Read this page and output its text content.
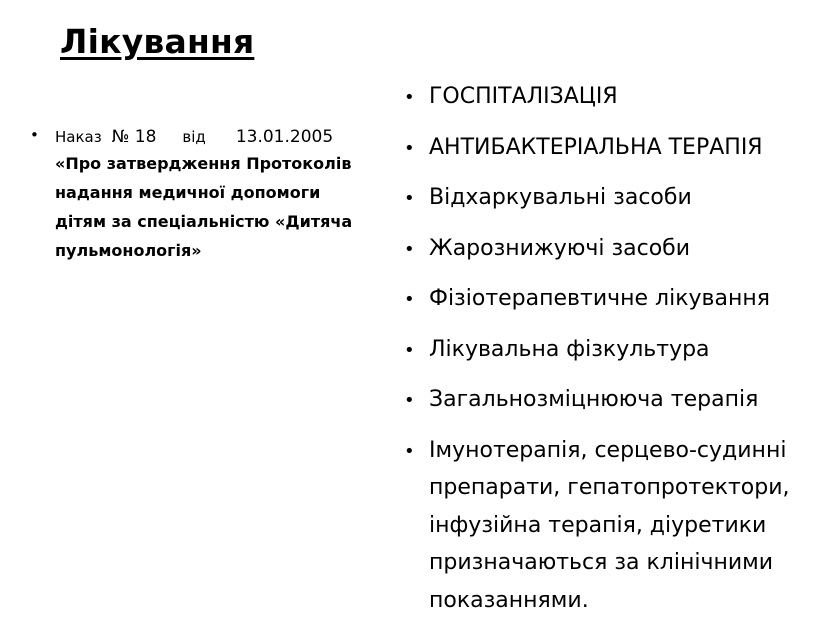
Лікування
• Наказ № 18 від 13.01.2005
«Про затвердження Протоколів надання медичної допомоги дітям за спеціальністю «Дитяча пульмонологія»
• ГОСПІТАЛІЗАЦІЯ
• АНТИБАКТЕРІАЛЬНА ТЕРАПІЯ
• Відхаркувальні засоби
• Жарознижуючі засоби
• Фізіотерапевтичне лікування
• Лікувальна фізкультура
• Загальнозміцнююча терапія
• Імунотерапія, серцево-судинні препарати, гепатопротектори, інфузійна терапія, діуретики призначаються за клінічними показаннями.
